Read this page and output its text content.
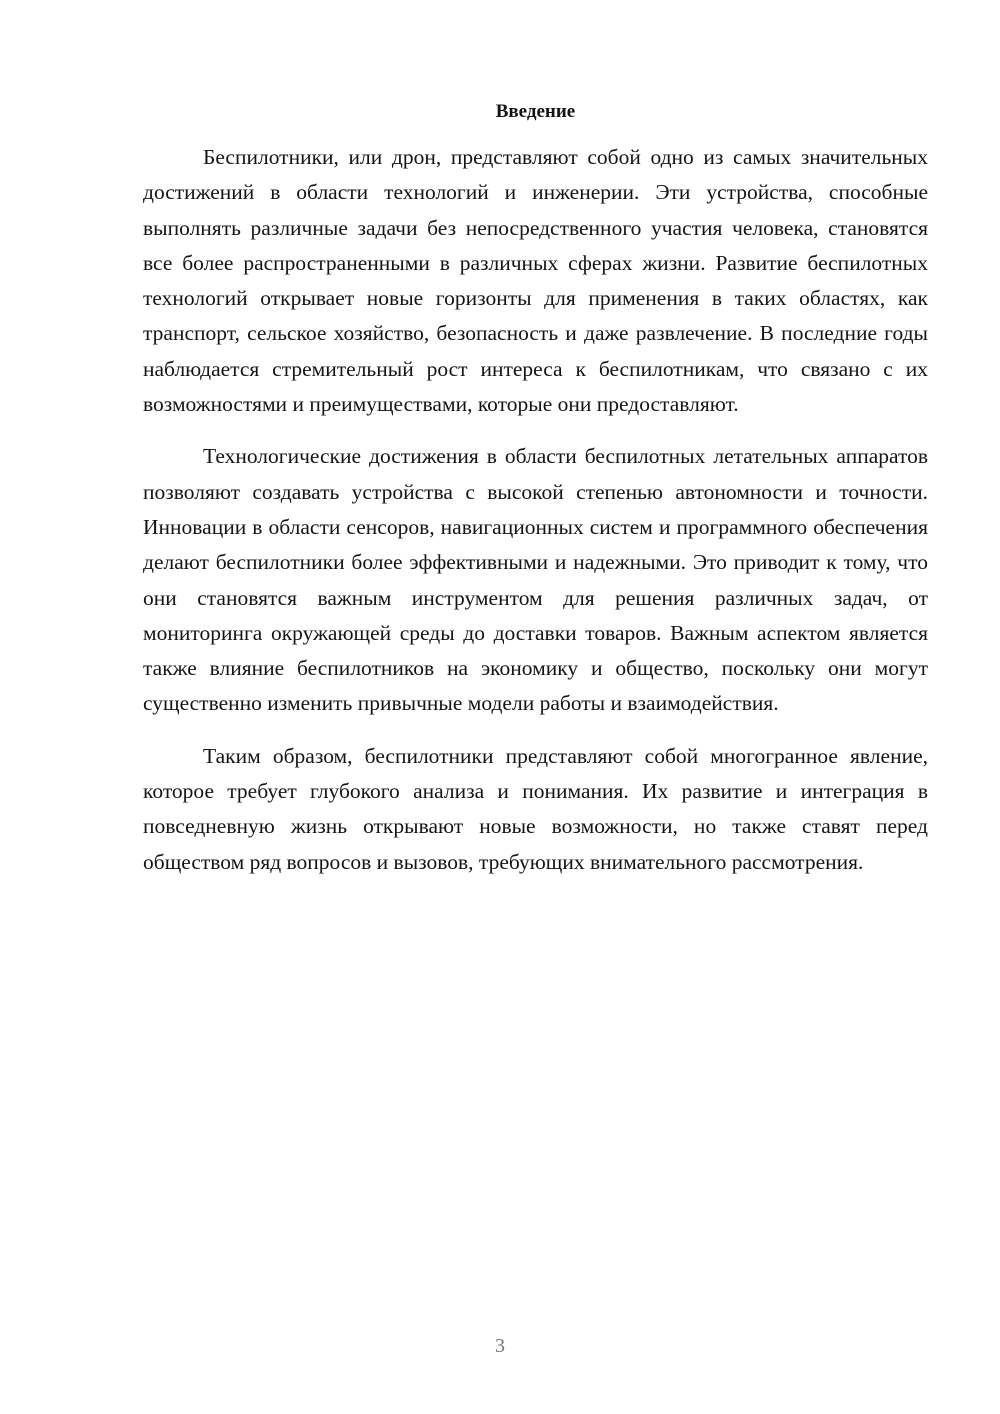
Введение

Беспилотники, или дрон, представляют собой одно из самых значительных достижений в области технологий и инженерии. Эти устройства, способные выполнять различные задачи без непосредственного участия человека, становятся все более распространенными в различных сферах жизни. Развитие беспилотных технологий открывает новые горизонты для применения в таких областях, как транспорт, сельское хозяйство, безопасность и даже развлечение. В последние годы наблюдается стремительный рост интереса к беспилотникам, что связано с их возможностями и преимуществами, которые они предоставляют.

Технологические достижения в области беспилотных летательных аппаратов позволяют создавать устройства с высокой степенью автономности и точности. Инновации в области сенсоров, навигационных систем и программного обеспечения делают беспилотники более эффективными и надежными. Это приводит к тому, что они становятся важным инструментом для решения различных задач, от мониторинга окружающей среды до доставки товаров. Важным аспектом является также влияние беспилотников на экономику и общество, поскольку они могут существенно изменить привычные модели работы и взаимодействия.

Таким образом, беспилотники представляют собой многогранное явление, которое требует глубокого анализа и понимания. Их развитие и интеграция в повседневную жизнь открывают новые возможности, но также ставят перед обществом ряд вопросов и вызовов, требующих внимательного рассмотрения.

3
